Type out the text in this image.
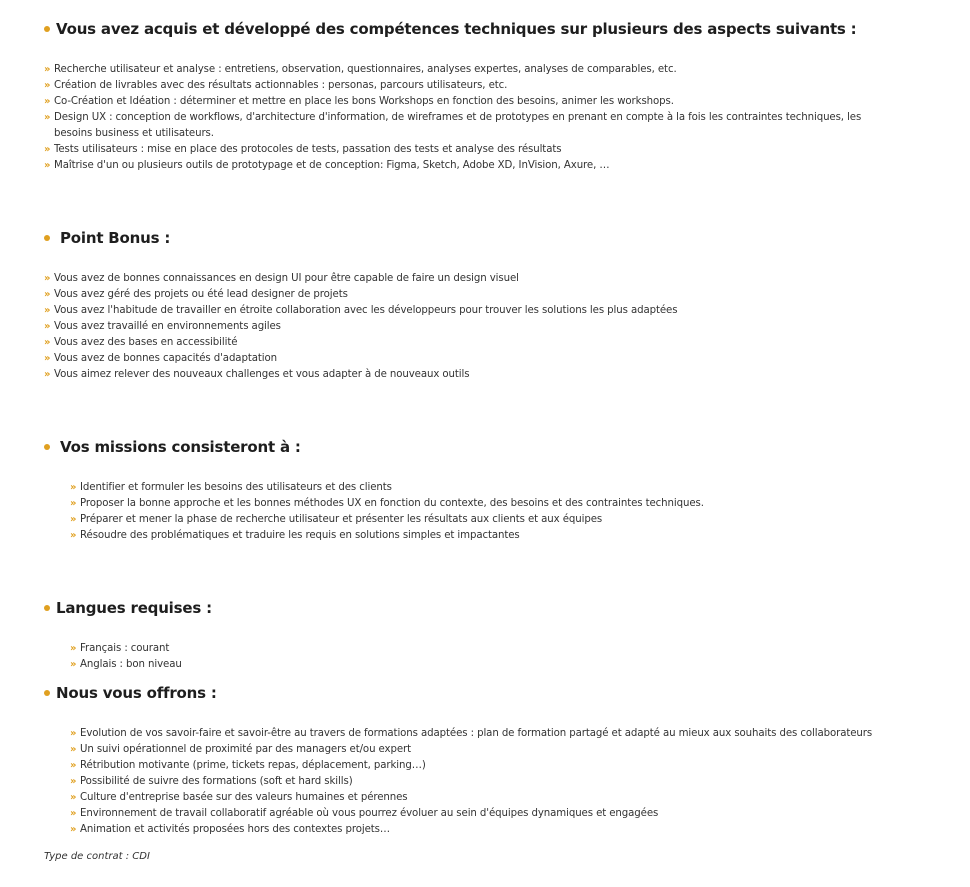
Vous avez acquis et développé des compétences techniques sur plusieurs des aspects suivants :
» Recherche utilisateur et analyse : entretiens, observation, questionnaires, analyses expertes, analyses de comparables, etc.
» Création de livrables avec des résultats actionnables : personas, parcours utilisateurs, etc.
» Co-Création et Idéation : déterminer et mettre en place les bons Workshops en fonction des besoins, animer les workshops.
» Design UX : conception de workflows, d'architecture d'information, de wireframes et de prototypes en prenant en compte à la fois les contraintes techniques, les besoins business et utilisateurs.
» Tests utilisateurs : mise en place des protocoles de tests, passation des tests et analyse des résultats
» Maîtrise d'un ou plusieurs outils de prototypage et de conception: Figma, Sketch, Adobe XD, InVision, Axure, …
Point Bonus :
» Vous avez de bonnes connaissances en design UI pour être capable de faire un design visuel
» Vous avez géré des projets ou été lead designer de projets
» Vous avez l'habitude de travailler en étroite collaboration avec les développeurs pour trouver les solutions les plus adaptées
» Vous avez travaillé en environnements agiles
» Vous avez des bases en accessibilité
» Vous avez de bonnes capacités d'adaptation
» Vous aimez relever des nouveaux challenges et vous adapter à de nouveaux outils
Vos missions consisteront à :
» Identifier et formuler les besoins des utilisateurs et des clients
» Proposer la bonne approche et les bonnes méthodes UX en fonction du contexte, des besoins et des contraintes techniques.
» Préparer et mener la phase de recherche utilisateur et présenter les résultats aux clients et aux équipes
» Résoudre des problématiques et traduire les requis en solutions simples et impactantes
Langues requises :
» Français : courant
» Anglais : bon niveau
Nous vous offrons :
» Evolution de vos savoir-faire et savoir-être au travers de formations adaptées : plan de formation partagé et adapté au mieux aux souhaits des collaborateurs
» Un suivi opérationnel de proximité par des managers et/ou expert
» Rétribution motivante (prime, tickets repas, déplacement, parking…)
» Possibilité de suivre des formations (soft et hard skills)
» Culture d'entreprise basée sur des valeurs humaines et pérennes
» Environnement de travail collaboratif agréable où vous pourrez évoluer au sein d'équipes dynamiques et engagées
» Animation et activités proposées hors des contextes projets…
Type de contrat : CDI
